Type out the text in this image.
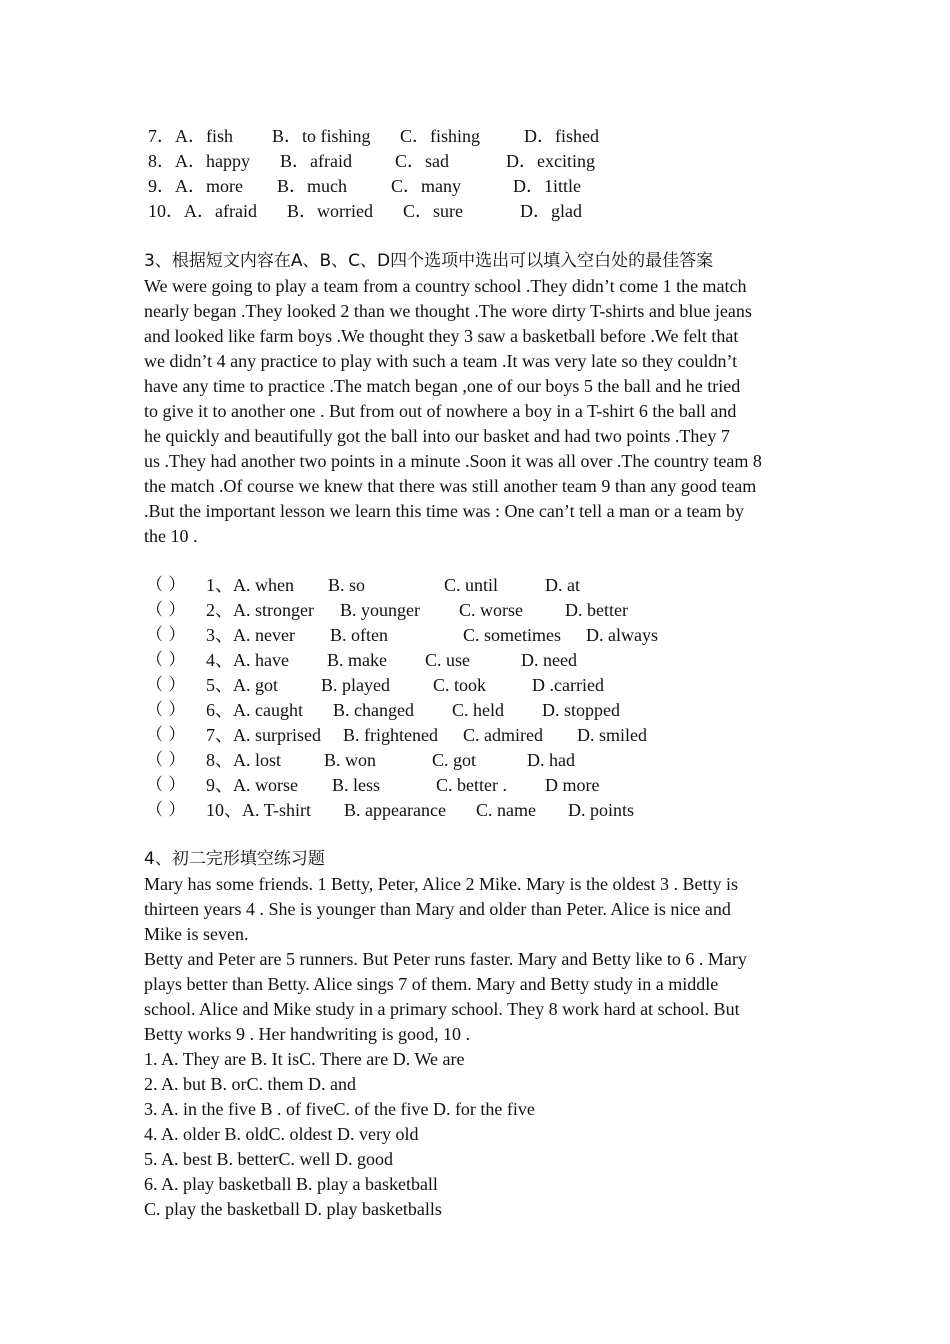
7．A．fish B．to fishing C．fishing D．fished
8．A．happy B．afraid C．sad	D．exciting
9．A．more B．much C．many	D．1ittle
10．A．afraid B．worried C．sure	D．glad
3、根据短文内容在A、B、C、D四个选项中选出可以填入空白处的最佳答案
We were going to play a team from a country school .They didn’t come 1 the match
nearly began .They looked 2 than we thought .The wore dirty T-shirts and blue jeans
and looked like farm boys .We thought they 3 saw a basketball before .We felt that
we didn’t 4 any practice to play with such a team .It was very late so they couldn’t
have any time to practice .The match began ,one of our boys 5 the ball and he tried
to give it to another one . But from out of nowhere a boy in a T-shirt 6 the ball and
he quickly and beautifully got the ball into our basket and had two points .They 7
us .They had another two points in a minute .Soon it was all over .The country team 8
the match .Of course we knew that there was still another team 9 than any good team
.But the important lesson we learn this time was : One can’t tell a man or a team by
the 10 .
（ ） 1、A. when B. so	C. until	D. at
（ ） 2、A. stronger B. younger C. worse D. better
（ ） 3、A. never B. often	C. sometimes D. always
（ ） 4、A. have B. make C. use	D. need
（ ） 5、A. got B. played C. took	D .carried
（ ） 6、A. caught B. changed C. held D. stopped
（ ） 7、A. surprised B. frightened C. admired D. smiled
（ ） 8、A. lost B. won	C. got	D. had
（ ） 9、A. worse B. less	C. better . D more
（ ） 10、A. T-shirt B. appearance C. name D. points
4、初二完形填空练习题
Mary has some friends. 1 Betty, Peter, Alice 2 Mike. Mary is the oldest 3 . Betty is
thirteen years 4 . She is younger than Mary and older than Peter. Alice is nice and
Mike is seven.
Betty and Peter are 5 runners. But Peter runs faster. Mary and Betty like to 6 . Mary
plays better than Betty. Alice sings 7 of them. Mary and Betty study in a middle
school. Alice and Mike study in a primary school. They 8 work hard at school. But
Betty works 9 . Her handwriting is good, 10 .
1. A. They are B. It isC. There are D. We are
2. A. but B. orC. them D. and
3. A. in the five B . of fiveC. of the five D. for the five
4. A. older B. oldC. oldest D. very old
5. A. best B. betterC. well D. good
6. A. play basketball B. play a basketball
C. play the basketball D. play basketballs
